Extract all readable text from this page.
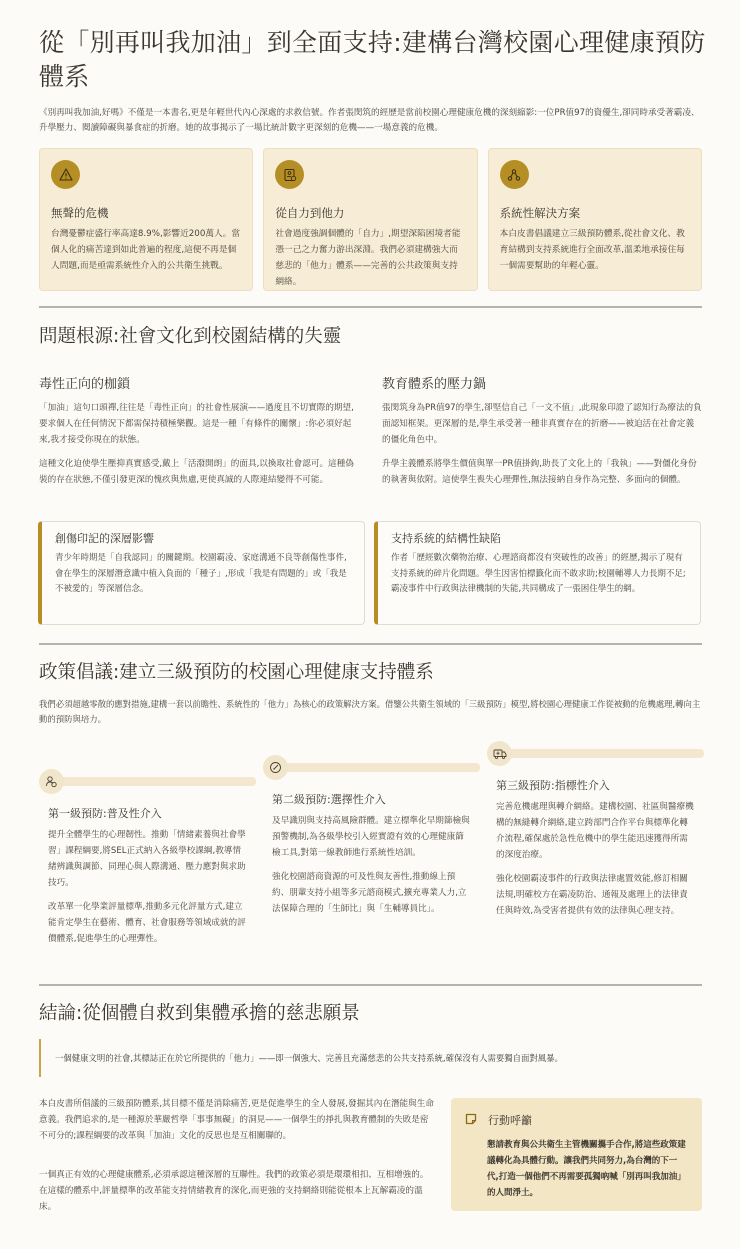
從「別再叫我加油」到全面支持:建構台灣校園心理健康預防體系

《別再叫我加油,好嗎》不僅是一本書名,更是年輕世代內心深處的求救信號。作者張閔筑的經歷是當前校園心理健康危機的深刻縮影:一位PR值97的資優生,卻同時承受著霸凌、升學壓力、閱讀障礙與暴食症的折磨。她的故事揭示了一場比統計數字更深刻的危機——一場意義的危機。

無聲的危機

台灣憂鬱症盛行率高達8.9%,影響近200萬人。當個人化的痛苦達到如此普遍的程度,這便不再是個人問題,而是亟需系統性介入的公共衛生挑戰。

從自力到他力

社會過度強調個體的「自力」,期望深陷困境者能憑一己之力奮力游出深淵。我們必須建構強大而慈悲的「他力」體系——完善的公共政策與支持網絡。

系統性解決方案

本白皮書倡議建立三級預防體系,從社會文化、教育結構到支持系統進行全面改革,溫柔地承接住每一個需要幫助的年輕心靈。

問題根源:社會文化到校園結構的失靈
毒性正向的枷鎖

「加油」這句口頭禪,往往是「毒性正向」的社會性展演——過度且不切實際的期望,要求個人在任何情況下都需保持積極樂觀。這是一種「有條件的關懷」:你必須好起來,我才接受你現在的狀態。

這種文化迫使學生壓抑真實感受,戴上「活潑開朗」的面具,以換取社會認可。這種偽裝的存在狀態,不僅引發更深的愧疚與焦慮,更使真誠的人際連結變得不可能。

教育體系的壓力鍋

張閔筑身為PR值97的學生,卻堅信自己「一文不值」,此現象印證了認知行為療法的負面認知框架。更深層的是,學生承受著一種非真實存在的折磨——被迫活在社會定義的僵化角色中。

升學主義體系將學生價值與單一PR值掛鉤,助長了文化上的「我執」——對僵化身份的執著與依附。這使學生喪失心理彈性,無法接納自身作為完整、多面向的個體。

創傷印記的深層影響

青少年時期是「自我認同」的關鍵期。校園霸凌、家庭溝通不良等創傷性事件,會在學生的深層潛意識中植入負面的「種子」,形成「我是有問題的」或「我是不被愛的」等深層信念。

支持系統的結構性缺陷

作者「歷經數次藥物治療、心理諮商都沒有突破性的改善」的經歷,揭示了現有支持系統的碎片化問題。學生因害怕標籤化而不敢求助;校園輔導人力長期不足;霸凌事件中行政與法律機制的失能,共同構成了一張困住學生的網。

政策倡議:建立三級預防的校園心理健康支持體系

我們必須超越零散的應對措施,建構一套以前瞻性、系統性的「他力」為核心的政策解決方案。借鑒公共衛生領域的「三級預防」模型,將校園心理健康工作從被動的危機處理,轉向主動的預防與培力。

第一級預防:普及性介入

提升全體學生的心理韌性。推動「情緒素養與社會學習」課程綱要,將SEL正式納入各級學校課綱,教導情緒辨識與調節、同理心與人際溝通、壓力應對與求助技巧。

改革單一化學業評量標準,推動多元化評量方式,建立能肯定學生在藝術、體育、社會服務等領域成就的評價體系,促進學生的心理彈性。

第二級預防:選擇性介入

及早識別與支持高風險群體。建立標準化早期篩檢與預警機制,為各級學校引入經實證有效的心理健康篩檢工具,對第一線教師進行系統性培訓。

強化校園諮商資源的可及性與友善性,推動線上預約、朋輩支持小組等多元諮商模式,擴充專業人力,立法保障合理的「生師比」與「生輔導員比」。

第三級預防:指標性介入

完善危機處理與轉介網絡。建構校園、社區與醫療機構的無縫轉介網絡,建立跨部門合作平台與標準化轉介流程,確保處於急性危機中的學生能迅速獲得所需的深度治療。

強化校園霸凌事件的行政與法律處置效能,修訂相關法規,明確校方在霸凌防治、通報及處理上的法律責任與時效,為受害者提供有效的法律與心理支持。

結論:從個體自救到集體承擔的慈悲願景
一個健康文明的社會,其標誌正在於它所提供的「他力」——即一個強大、完善且充滿慈悲的公共支持系統,確保沒有人需要獨自面對風暴。

本白皮書所倡議的三級預防體系,其目標不僅是消除痛苦,更是促進學生的全人發展,發掘其內在潛能與生命意義。我們追求的,是一種源於華嚴哲學「事事無礙」的洞見——一個學生的掙扎與教育體制的失敗是密不可分的;課程綱要的改革與「加油」文化的反思也是互相關聯的。

一個真正有效的心理健康體系,必須承認這種深層的互聯性。我們的政策必須是環環相扣、互相增強的。在這樣的體系中,評量標準的改革能支持情緒教育的深化,而更強的支持網絡則能從根本上瓦解霸凌的溫床。

行動呼籲

懇請教育與公共衛生主管機關攜手合作,將這些政策建議轉化為具體行動。讓我們共同努力,為台灣的下一代,打造一個他們不再需要孤獨吶喊「別再叫我加油」的人間淨土。
